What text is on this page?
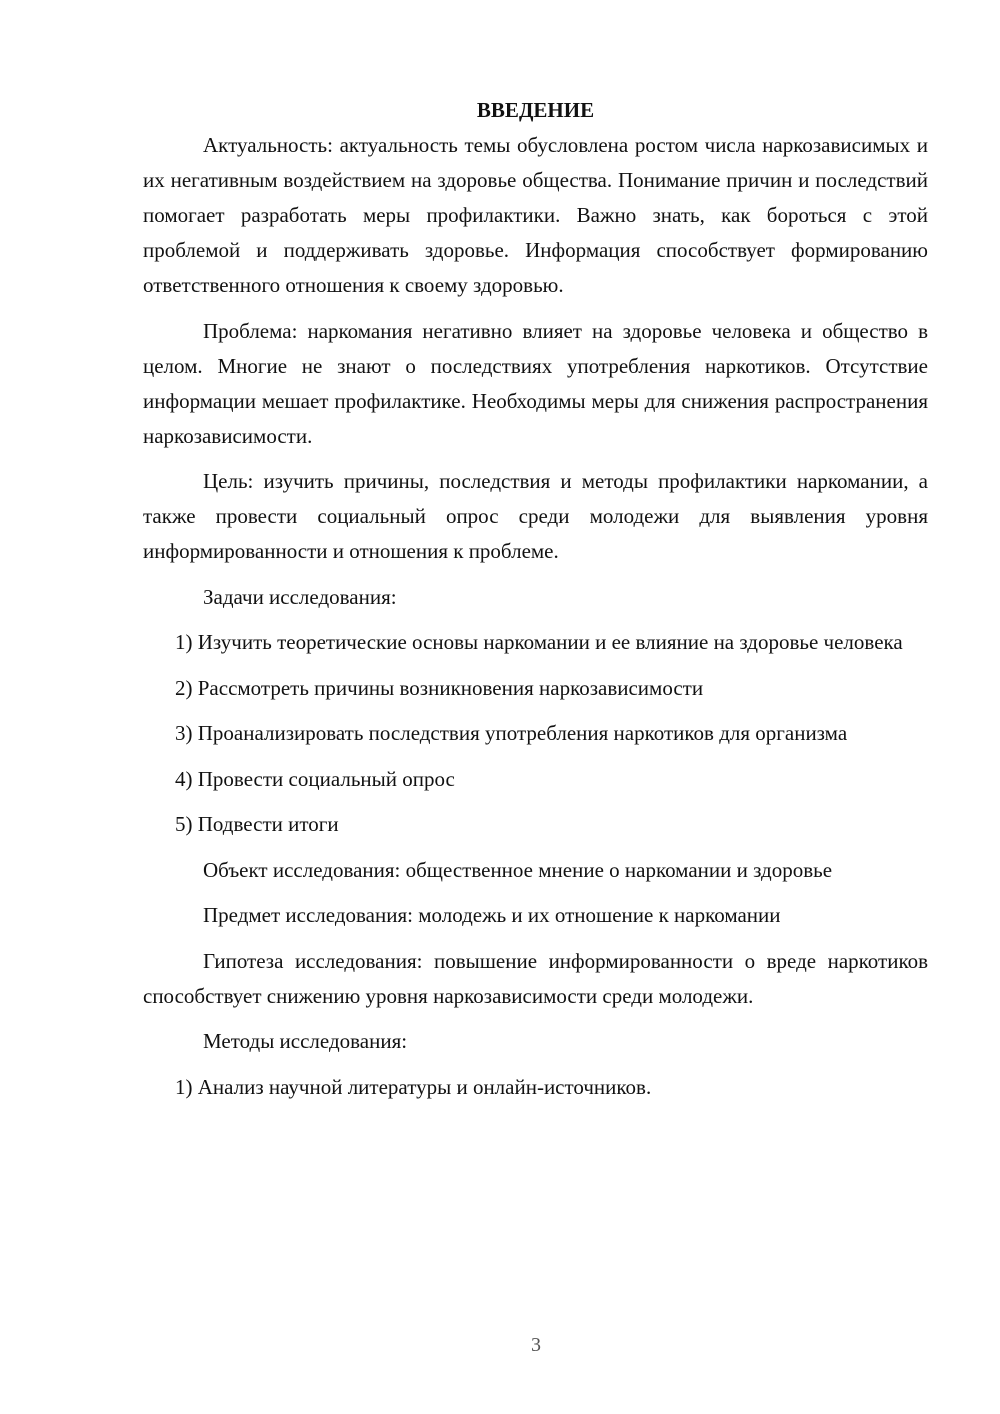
ВВЕДЕНИЕ

Актуальность: актуальность темы обусловлена ростом числа наркозависимых и их негативным воздействием на здоровье общества. Понимание причин и последствий помогает разработать меры профилактики. Важно знать, как бороться с этой проблемой и поддерживать здоровье. Информация способствует формированию ответственного отношения к своему здоровью.

Проблема: наркомания негативно влияет на здоровье человека и общество в целом. Многие не знают о последствиях употребления наркотиков. Отсутствие информации мешает профилактике. Необходимы меры для снижения распространения наркозависимости.

Цель: изучить причины, последствия и методы профилактики наркомании, а также провести социальный опрос среди молодежи для выявления уровня информированности и отношения к проблеме.

Задачи исследования:

1) Изучить теоретические основы наркомании и ее влияние на здоровье человека

2) Рассмотреть причины возникновения наркозависимости

3) Проанализировать последствия употребления наркотиков для организма

4) Провести социальный опрос

5) Подвести итоги

Объект исследования: общественное мнение о наркомании и здоровье

Предмет исследования: молодежь и их отношение к наркомании

Гипотеза исследования: повышение информированности о вреде наркотиков способствует снижению уровня наркозависимости среди молодежи.

Методы исследования:

1) Анализ научной литературы и онлайн-источников.

3
